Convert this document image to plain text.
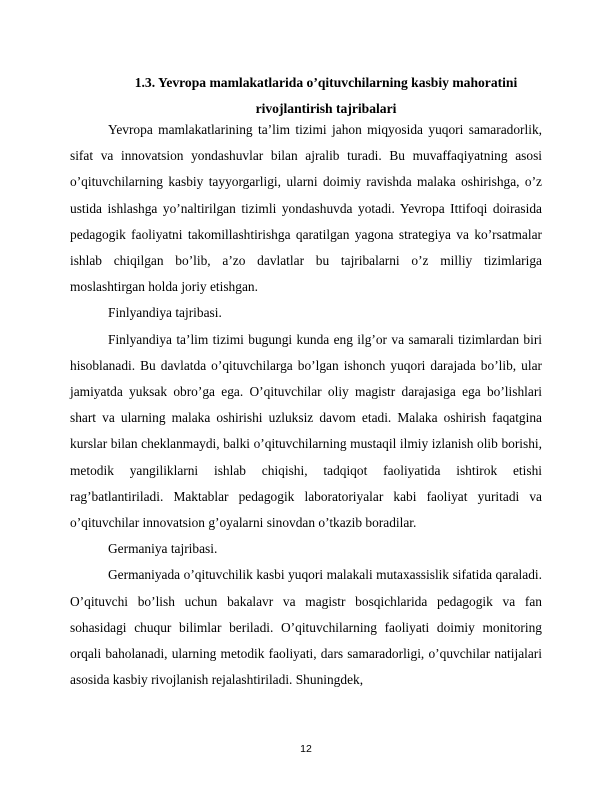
1.3. Yevropa mamlakatlarida o’qituvchilarning kasbiy mahoratini
rivojlantirish tajribalari

Yevropa mamlakatlarining ta’lim tizimi jahon miqyosida yuqori samaradorlik, sifat va innovatsion yondashuvlar bilan ajralib turadi. Bu muvaffaqiyatning asosi o’qituvchilarning kasbiy tayyorgarligi, ularni doimiy ravishda malaka oshirishga, o’z ustida ishlashga yo’naltirilgan tizimli yondashuvda yotadi. Yevropa Ittifoqi doirasida pedagogik faoliyatni takomillashtirishga qaratilgan yagona strategiya va ko’rsatmalar ishlab chiqilgan bo’lib, a’zo davlatlar bu tajribalarni o’z milliy tizimlariga moslashtirgan holda joriy etishgan.

Finlyandiya tajribasi.

Finlyandiya ta’lim tizimi bugungi kunda eng ilg’or va samarali tizimlardan biri hisoblanadi. Bu davlatda o’qituvchilarga bo’lgan ishonch yuqori darajada bo’lib, ular jamiyatda yuksak obro’ga ega. O’qituvchilar oliy magistr darajasiga ega bo’lishlari shart va ularning malaka oshirishi uzluksiz davom etadi. Malaka oshirish faqatgina kurslar bilan cheklanmaydi, balki o’qituvchilarning mustaqil ilmiy izlanish olib borishi, metodik yangiliklarni ishlab chiqishi, tadqiqot faoliyatida ishtirok etishi rag’batlantiriladi. Maktablar pedagogik laboratoriyalar kabi faoliyat yuritadi va o’qituvchilar innovatsion g’oyalarni sinovdan o’tkazib boradilar.

Germaniya tajribasi.

Germaniyada o’qituvchilik kasbi yuqori malakali mutaxassislik sifatida qaraladi. O’qituvchi bo’lish uchun bakalavr va magistr bosqichlarida pedagogik va fan sohasidagi chuqur bilimlar beriladi. O’qituvchilarning faoliyati doimiy monitoring orqali baholanadi, ularning metodik faoliyati, dars samaradorligi, o’quvchilar natijalari asosida kasbiy rivojlanish rejalashtiriladi. Shuningdek,

12
